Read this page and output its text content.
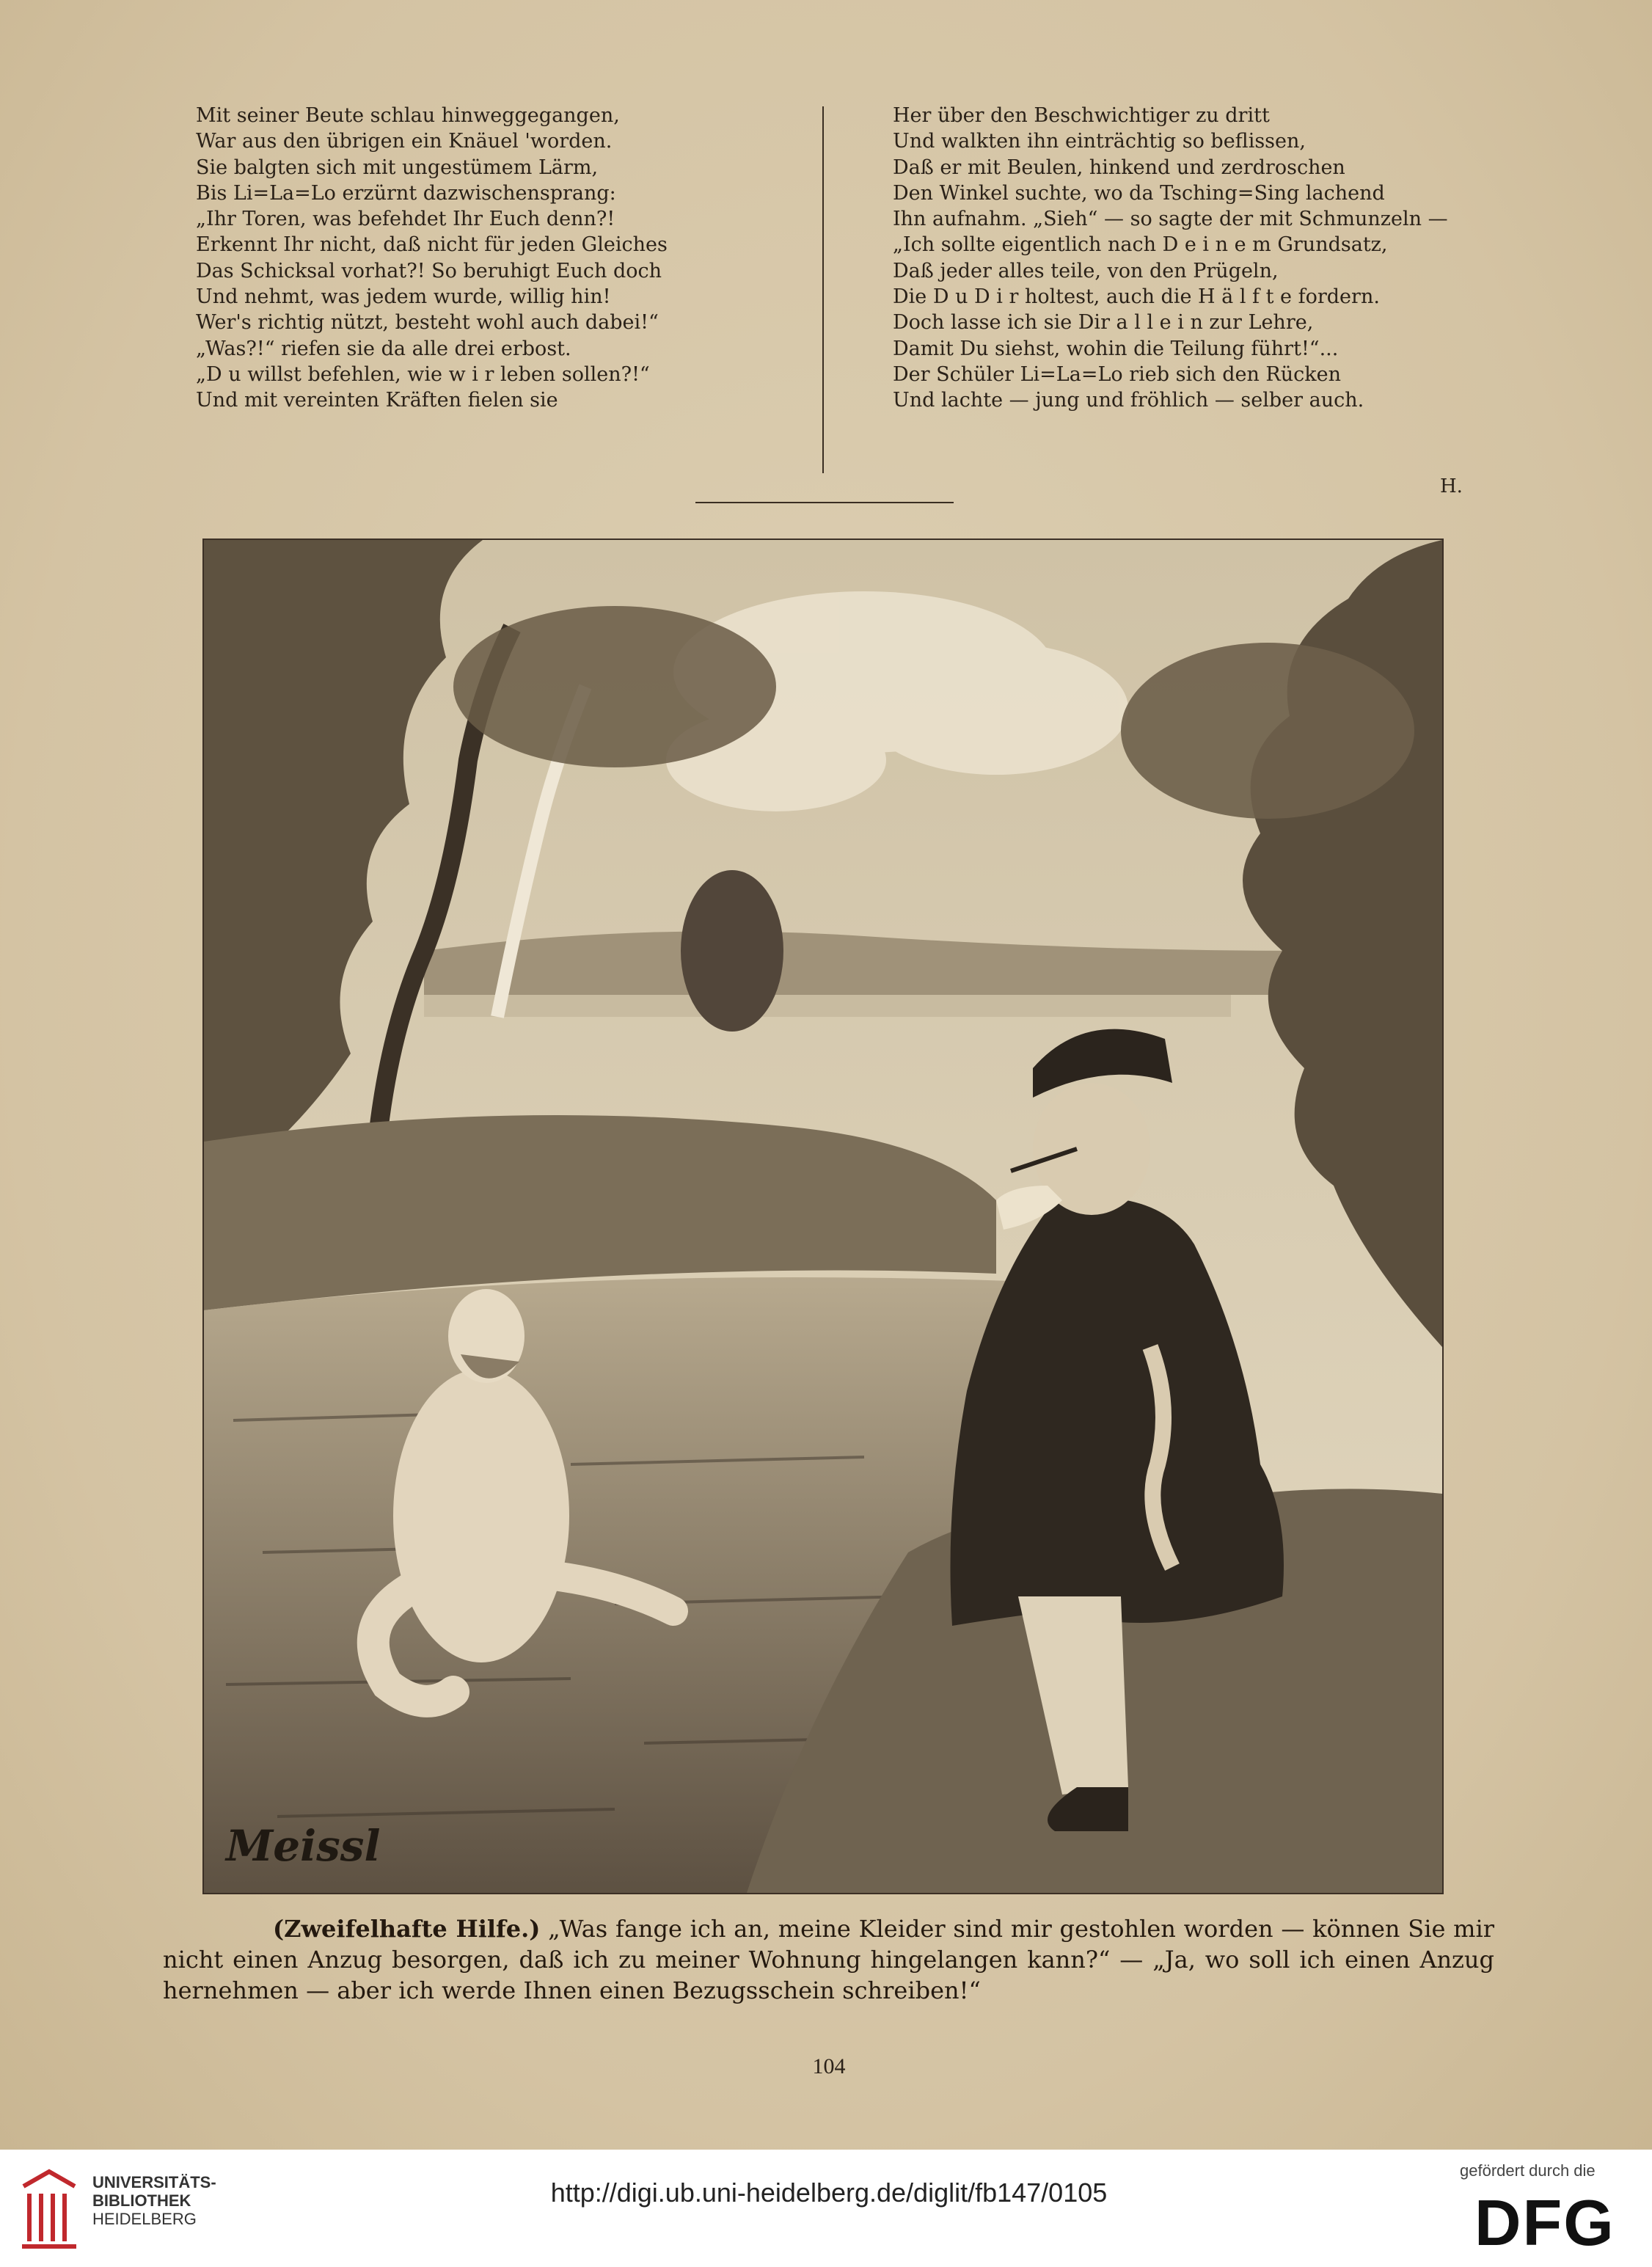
Mit seiner Beute schlau hinweggegangen,
War aus den übrigen ein Knäuel 'worden.
Sie balgten sich mit ungestümem Lärm,
Bis Li=La=Lo erzürnt dazwischensprang:
„Ihr Toren, was befehdet Ihr Euch denn?!
Erkennt Ihr nicht, daß nicht für jeden Gleiches
Das Schicksal vorhat?! So beruhigt Euch doch
Und nehmt, was jedem wurde, willig hin!
Wer's richtig nützt, besteht wohl auch dabei!“
„Was?!“ riefen sie da alle drei erbost.
„D u willst befehlen, wie w i r leben sollen?!“
Und mit vereinten Kräften fielen sie
Her über den Beschwichtiger zu dritt
Und walkten ihn einträchtig so beflissen,
Daß er mit Beulen, hinkend und zerdroschen
Den Winkel suchte, wo da Tsching=Sing lachend
Ihn aufnahm. „Sieh“ — so sagte der mit Schmunzeln —
„Ich sollte eigentlich nach D e i n e m Grundsatz,
Daß jeder alles teile, von den Prügeln,
Die D u D i r holtest, auch die H ä l f t e fordern.
Doch lasse ich sie Dir a l l e i n zur Lehre,
Damit Du siehst, wohin die Teilung führt!“...
Der Schüler Li=La=Lo rieb sich den Rücken
Und lachte — jung und fröhlich — selber auch.
H.
Meissl
(Zweifelhafte Hilfe.) „Was fange ich an, meine Kleider sind mir gestohlen worden — können Sie mir nicht einen Anzug besorgen, daß ich zu meiner Wohnung hingelangen kann?“ — „Ja, wo soll ich einen Anzug hernehmen — aber ich werde Ihnen einen Bezugsschein schreiben!“
104
UNIVERSITÄTS-
BIBLIOTHEK
HEIDELBERG
http://digi.ub.uni-heidelberg.de/diglit/fb147/0105
gefördert durch die
DFG
